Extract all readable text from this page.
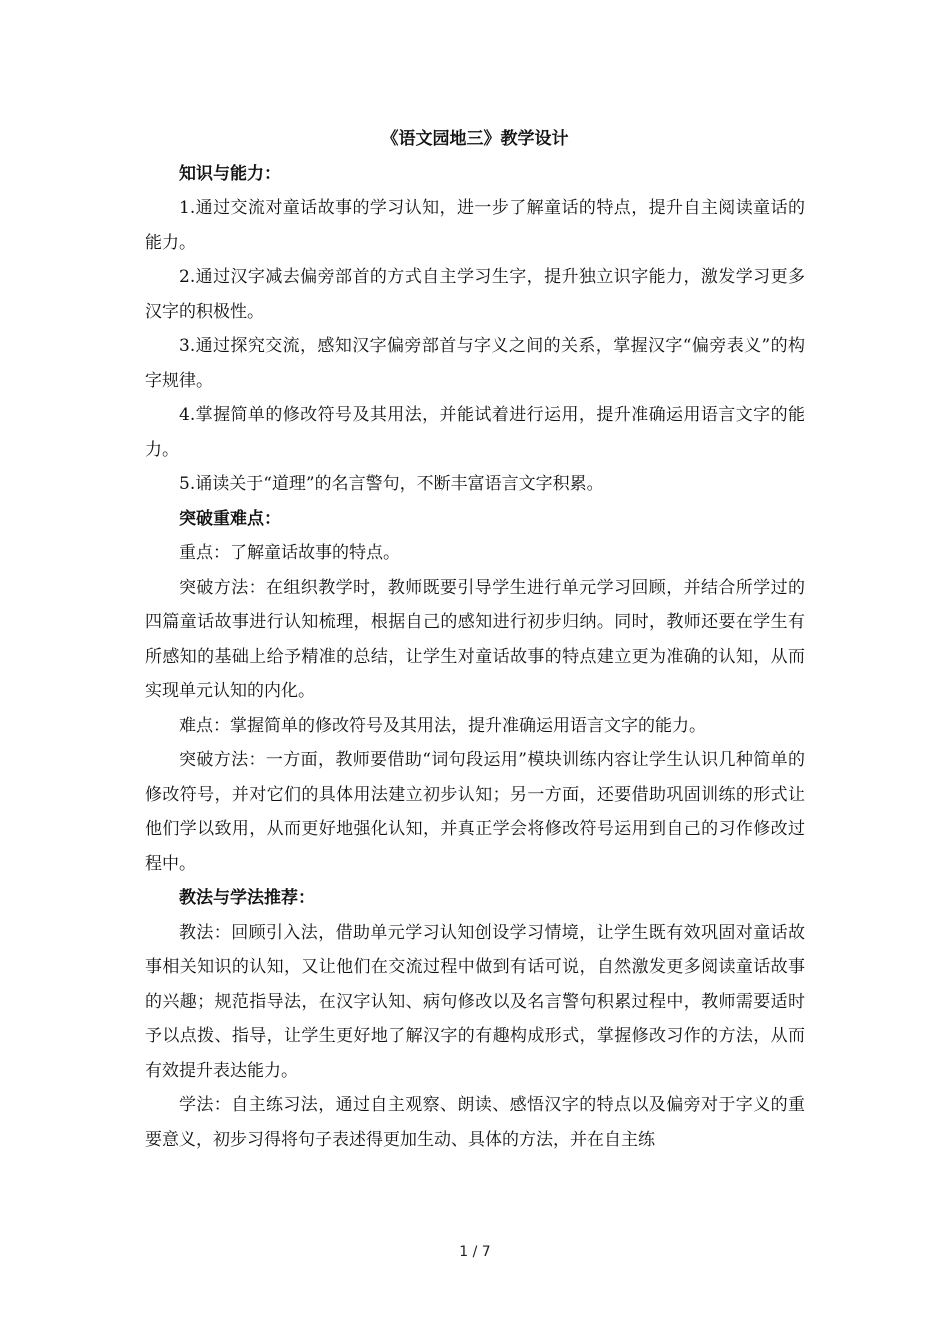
《语文园地三》教学设计

知识与能力：

1.通过交流对童话故事的学习认知，进一步了解童话的特点，提升自主阅读童话的能力。

2.通过汉字减去偏旁部首的方式自主学习生字，提升独立识字能力，激发学习更多汉字的积极性。

3.通过探究交流，感知汉字偏旁部首与字义之间的关系，掌握汉字“偏旁表义”的构字规律。

4.掌握简单的修改符号及其用法，并能试着进行运用，提升准确运用语言文字的能力。

5.诵读关于“道理”的名言警句，不断丰富语言文字积累。

突破重难点：

重点：了解童话故事的特点。

突破方法：在组织教学时，教师既要引导学生进行单元学习回顾，并结合所学过的四篇童话故事进行认知梳理，根据自己的感知进行初步归纳。同时，教师还要在学生有所感知的基础上给予精准的总结，让学生对童话故事的特点建立更为准确的认知，从而实现单元认知的内化。

难点：掌握简单的修改符号及其用法，提升准确运用语言文字的能力。

突破方法：一方面，教师要借助“词句段运用”模块训练内容让学生认识几种简单的修改符号，并对它们的具体用法建立初步认知；另一方面，还要借助巩固训练的形式让他们学以致用，从而更好地强化认知，并真正学会将修改符号运用到自己的习作修改过程中。

教法与学法推荐：

教法：回顾引入法，借助单元学习认知创设学习情境，让学生既有效巩固对童话故事相关知识的认知，又让他们在交流过程中做到有话可说，自然激发更多阅读童话故事的兴趣；规范指导法，在汉字认知、病句修改以及名言警句积累过程中，教师需要适时予以点拨、指导，让学生更好地了解汉字的有趣构成形式，掌握修改习作的方法，从而有效提升表达能力。

学法：自主练习法，通过自主观察、朗读、感悟汉字的特点以及偏旁对于字义的重要意义，初步习得将句子表述得更加生动、具体的方法，并在自主练

1 / 7
